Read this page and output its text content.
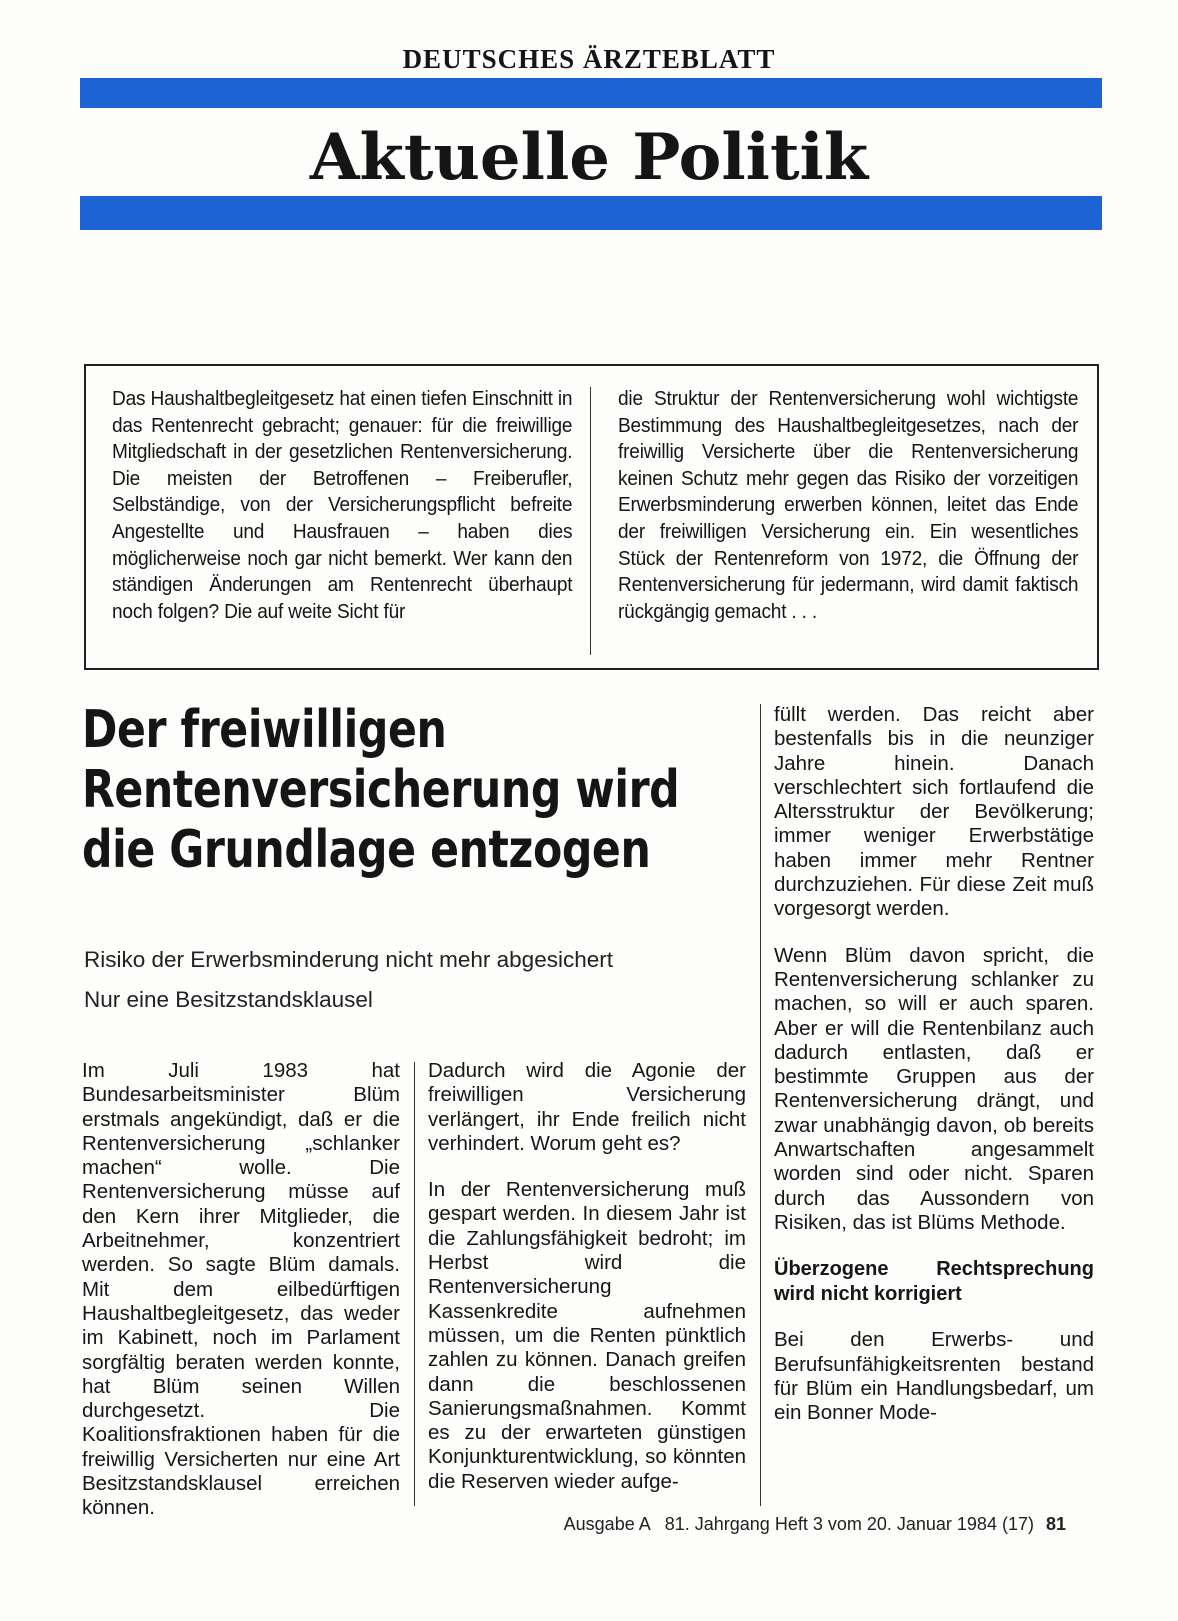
DEUTSCHES ÄRZTEBLATT
Aktuelle Politik
Das Haushaltbegleitgesetz hat einen tiefen Einschnitt in das Rentenrecht gebracht; genauer: für die freiwillige Mitgliedschaft in der gesetzlichen Rentenversicherung. Die meisten der Betroffenen – Freiberufler, Selbständige, von der Versicherungspflicht befreite Angestellte und Hausfrauen – haben dies möglicherweise noch gar nicht bemerkt. Wer kann den ständigen Änderungen am Rentenrecht überhaupt noch folgen? Die auf weite Sicht für
die Struktur der Rentenversicherung wohl wichtigste Bestimmung des Haushaltbegleitgesetzes, nach der freiwillig Versicherte über die Rentenversicherung keinen Schutz mehr gegen das Risiko der vorzeitigen Erwerbsminderung erwerben können, leitet das Ende der freiwilligen Versicherung ein. Ein wesentliches Stück der Rentenreform von 1972, die Öffnung der Rentenversicherung für jedermann, wird damit faktisch rückgängig gemacht . . .
Der freiwilligen
Rentenversicherung wird
die Grundlage entzogen
Risiko der Erwerbsminderung nicht mehr abgesichert
Nur eine Besitzstandsklausel

Im Juli 1983 hat Bundesarbeitsminister Blüm erstmals angekündigt, daß er die Rentenversicherung „schlanker machen“ wolle. Die Rentenversicherung müsse auf den Kern ihrer Mitglieder, die Arbeitnehmer, konzentriert werden. So sagte Blüm damals. Mit dem eilbedürftigen Haushaltbegleitgesetz, das weder im Kabinett, noch im Parlament sorgfältig beraten werden konnte, hat Blüm seinen Willen durchgesetzt. Die Koalitionsfraktionen haben für die freiwillig Versicherten nur eine Art Besitzstandsklausel erreichen können.

Dadurch wird die Agonie der freiwilligen Versicherung verlängert, ihr Ende freilich nicht verhindert. Worum geht es?

In der Rentenversicherung muß gespart werden. In diesem Jahr ist die Zahlungsfähigkeit bedroht; im Herbst wird die Rentenversicherung Kassenkredite aufnehmen müssen, um die Renten pünktlich zahlen zu können. Danach greifen dann die beschlossenen Sanierungsmaßnahmen. Kommt es zu der erwarteten günstigen Konjunkturentwicklung, so könnten die Reserven wieder aufge-

füllt werden. Das reicht aber bestenfalls bis in die neunziger Jahre hinein. Danach verschlechtert sich fortlaufend die Altersstruktur der Bevölkerung; immer weniger Erwerbstätige haben immer mehr Rentner durchzuziehen. Für diese Zeit muß vorgesorgt werden.

Wenn Blüm davon spricht, die Rentenversicherung schlanker zu machen, so will er auch sparen. Aber er will die Rentenbilanz auch dadurch entlasten, daß er bestimmte Gruppen aus der Rentenversicherung drängt, und zwar unabhängig davon, ob bereits Anwartschaften angesammelt worden sind oder nicht. Sparen durch das Aussondern von Risiken, das ist Blüms Methode.

Überzogene Rechtsprechung wird nicht korrigiert

Bei den Erwerbs- und Berufsunfähigkeitsrenten bestand für Blüm ein Handlungsbedarf, um ein Bonner Mode-

Ausgabe A   81. Jahrgang Heft 3 vom 20. Januar 1984 (17) 81
